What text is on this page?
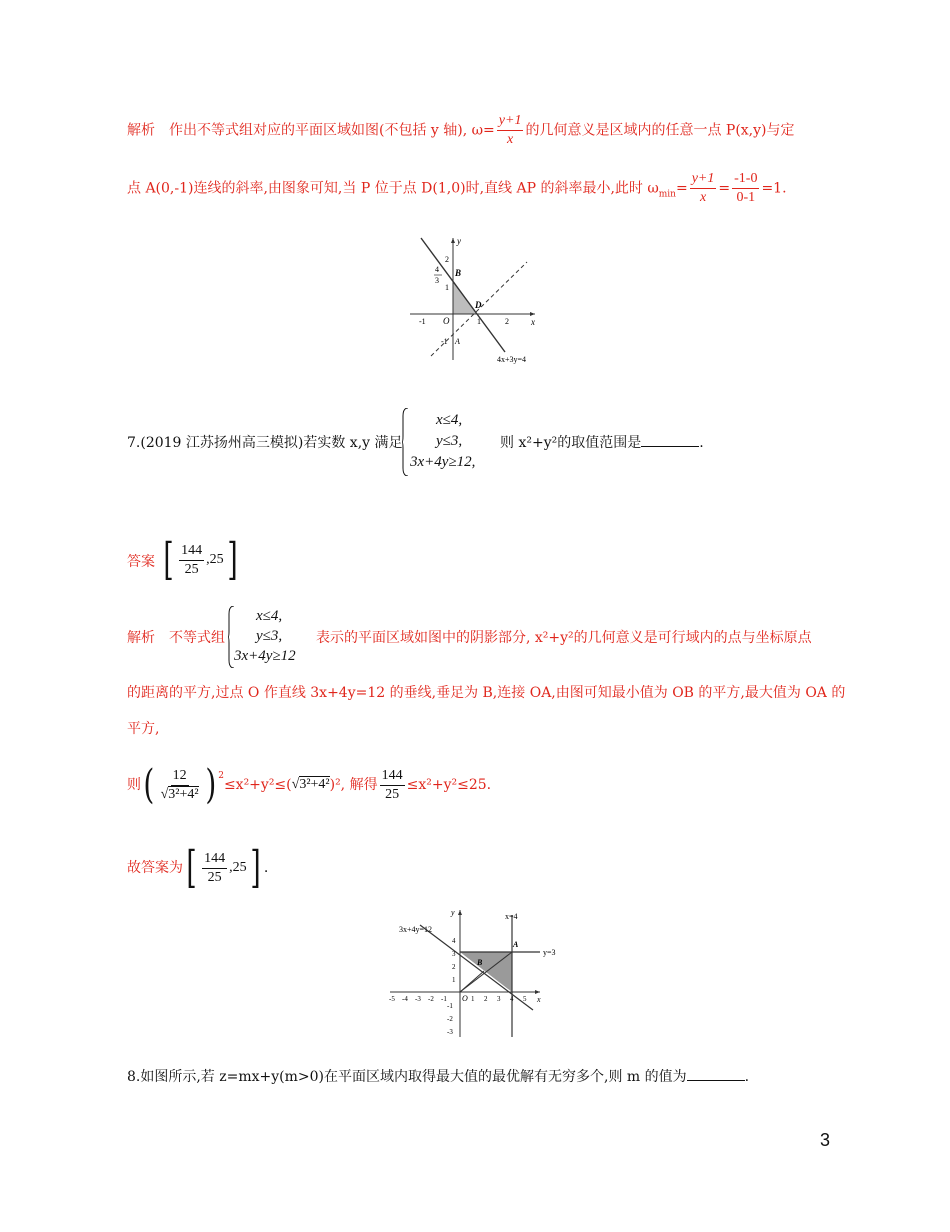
解析　作出不等式组对应的平面区域如图(不包括 y 轴), $\omega= \frac{y+1}{x}$ 的几何意义是区域内的任意一点 P(x,y)与定
点 A(0,-1)连线的斜率,由图象可知,当 P 位于点 D(1,0)时,直线 AP 的斜率最小,此时 $\omega_{min}= \frac{y+1}{x} = \frac{-1-0}{0-1} =1$.
y
x
O
B
D
A
2
1
4
3
-1
-1	1	2
4x+3y=4
7.(2019 江苏扬州高三模拟)若实数 x,y 满足
x≤4,
y≤3,
3x+4y≥12,
则 x²+y²的取值范围是	.
答案 [ $\frac{144}{25} ,25$ ]
解析　不等式组
x≤4,
y≤3,
3x+4y≥12
表示的平面区域如图中的阴影部分, x²+y²的几何意义是可行域内的点与坐标原点
的距离的平方,过点 O 作直线 3x+4y=12 的垂线,垂足为 B,连接 OA,由图可知最小值为 OB 的平方,最大值为 OA 的
平方,
则 ( $\frac{12}{\text{√3²+4²}}$ ) $^2$
≤x²+y²≤( √3²+4² )², 解得 $\frac{144}{25} \le x^2+y^2\le 25$.
故答案为 [ $\frac{144}{25} ,25$ ] .
x=4
y=3
3x+4y=12
A
B
O	x
y
-5 -4 -3 -2 -1	1 2 3 4 5
4
3
2
1
-1
-2
-3
8.如图所示,若 z=mx+y(m>0)在平面区域内取得最大值的最优解有无穷多个,则 m 的值为	.
3
